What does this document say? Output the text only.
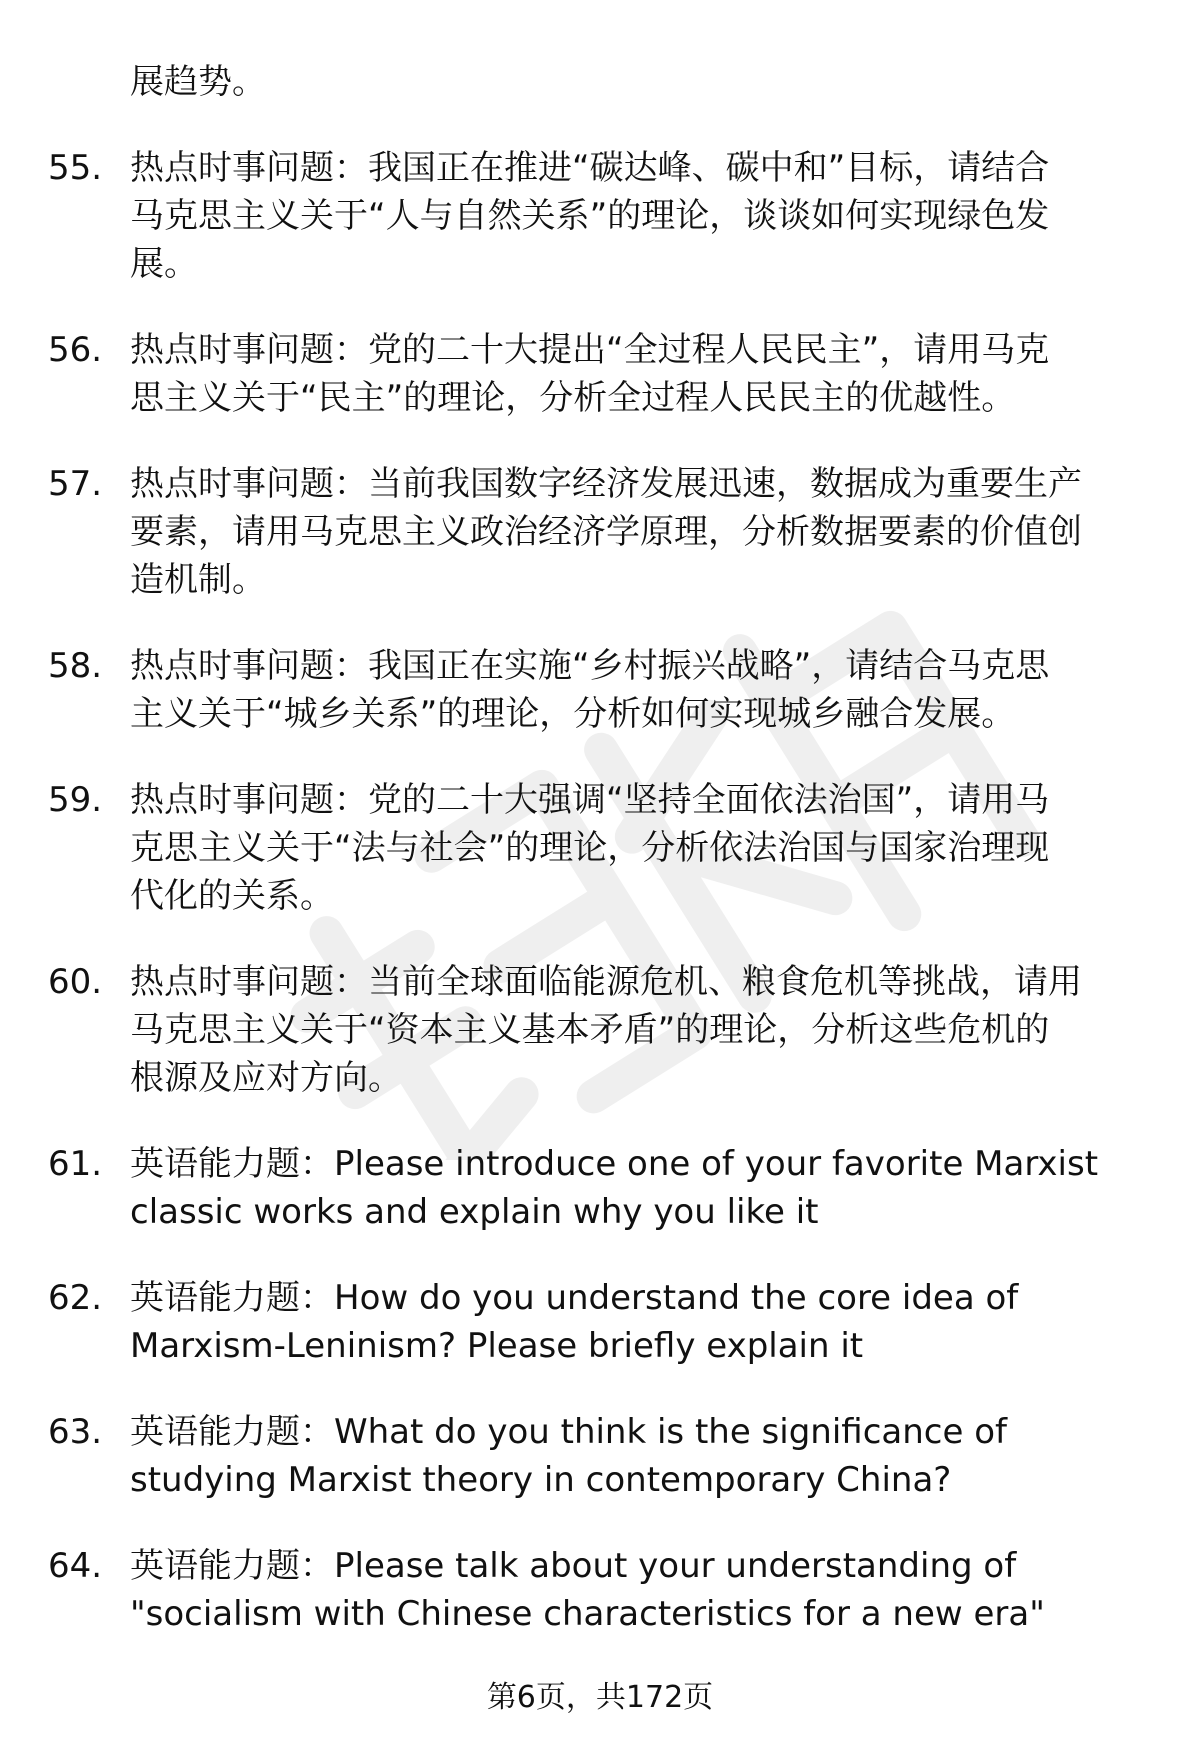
展趋势。
55. 热点时事问题：我国正在推进“碳达峰、碳中和”目标，请结合
马克思主义关于“人与自然关系”的理论，谈谈如何实现绿色发
展。
56. 热点时事问题：党的二十大提出“全过程人民民主”，请用马克
思主义关于“民主”的理论，分析全过程人民民主的优越性。
57. 热点时事问题：当前我国数字经济发展迅速，数据成为重要生产
要素，请用马克思主义政治经济学原理，分析数据要素的价值创
造机制。
58. 热点时事问题：我国正在实施“乡村振兴战略”，请结合马克思
主义关于“城乡关系”的理论，分析如何实现城乡融合发展。
59. 热点时事问题：党的二十大强调“坚持全面依法治国”，请用马
克思主义关于“法与社会”的理论，分析依法治国与国家治理现
代化的关系。
60. 热点时事问题：当前全球面临能源危机、粮食危机等挑战，请用
马克思主义关于“资本主义基本矛盾”的理论，分析这些危机的
根源及应对方向。
61. 英语能力题：Please introduce one of your favorite Marxist
classic works and explain why you like it
62. 英语能力题：How do you understand the core idea of
Marxism-Leninism? Please briefly explain it
63. 英语能力题：What do you think is the significance of
studying Marxist theory in contemporary China?
64. 英语能力题：Please talk about your understanding of
"socialism with Chinese characteristics for a new era"
第6页，共172页
